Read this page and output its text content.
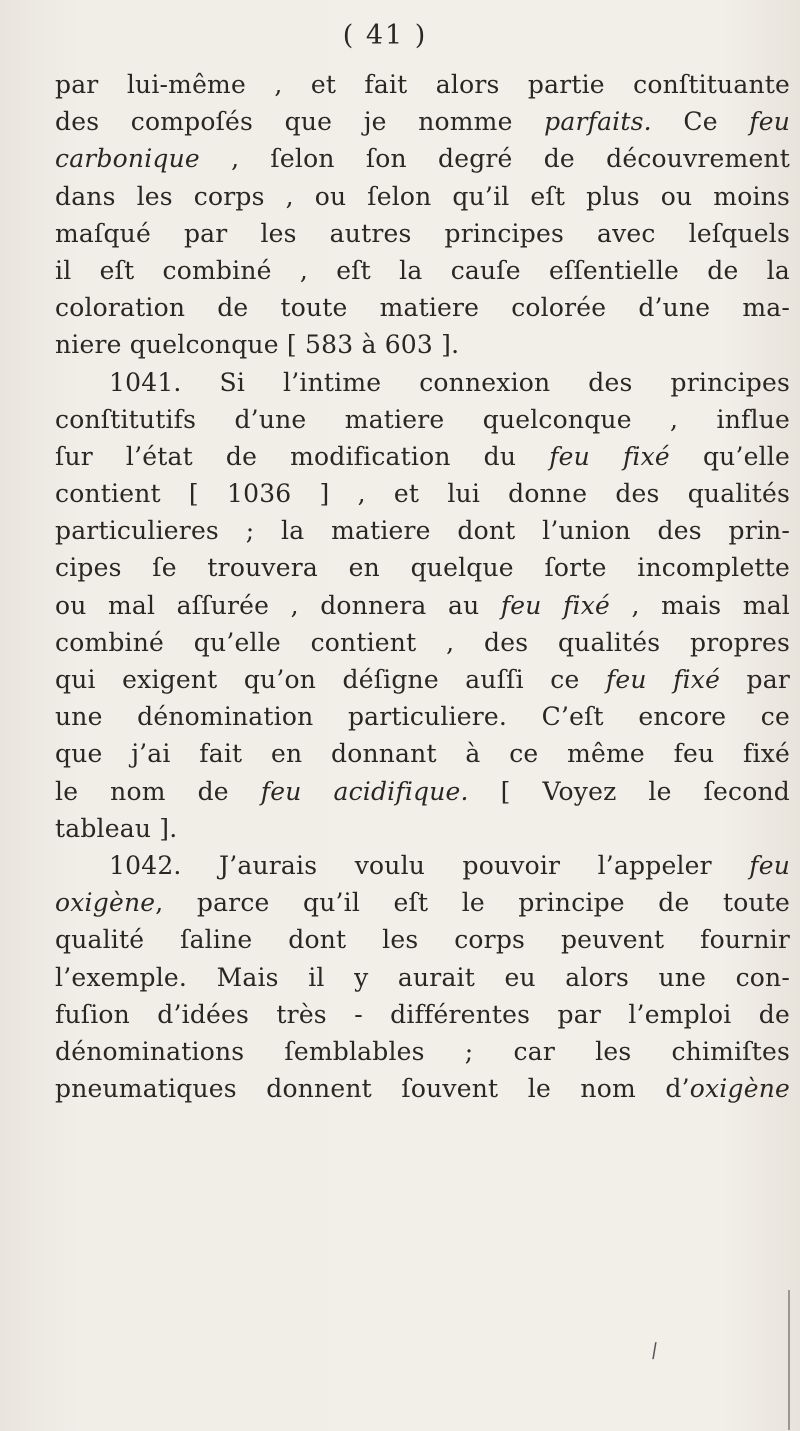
( 41 )
par lui-même , et fait alors partie conſtituante
des compoſés que je nomme parfaits. Ce feu
carbonique , ſelon ſon degré de découvrement
dans les corps , ou ſelon qu’il eſt plus ou moins
maſqué par les autres principes avec leſquels
il eſt combiné , eſt la cauſe eſſentielle de la
coloration de toute matiere colorée d’une ma-
niere quelconque [ 583 à 603 ].
1041. Si l’intime connexion des principes
conſtitutifs d’une matiere quelconque , influe
ſur l’état de modification du feu fixé qu’elle
contient [ 1036 ] , et lui donne des qualités
particulieres ; la matiere dont l’union des prin-
cipes ſe trouvera en quelque ſorte incomplette
ou mal aſſurée , donnera au feu fixé , mais mal
combiné qu’elle contient , des qualités propres
qui exigent qu’on déſigne auſſi ce feu fixé par
une dénomination particuliere. C’eſt encore ce
que j’ai fait en donnant à ce même feu fixé
le nom de feu acidifique. [ Voyez le ſecond
tableau ].
1042. J’aurais voulu pouvoir l’appeler feu
oxigène, parce qu’il eſt le principe de toute
qualité ſaline dont les corps peuvent fournir
l’exemple. Mais il y aurait eu alors une con-
fuſion d’idées très - différentes par l’emploi de
dénominations ſemblables ; car les chimiſtes
pneumatiques donnent ſouvent le nom d’oxigène
/
